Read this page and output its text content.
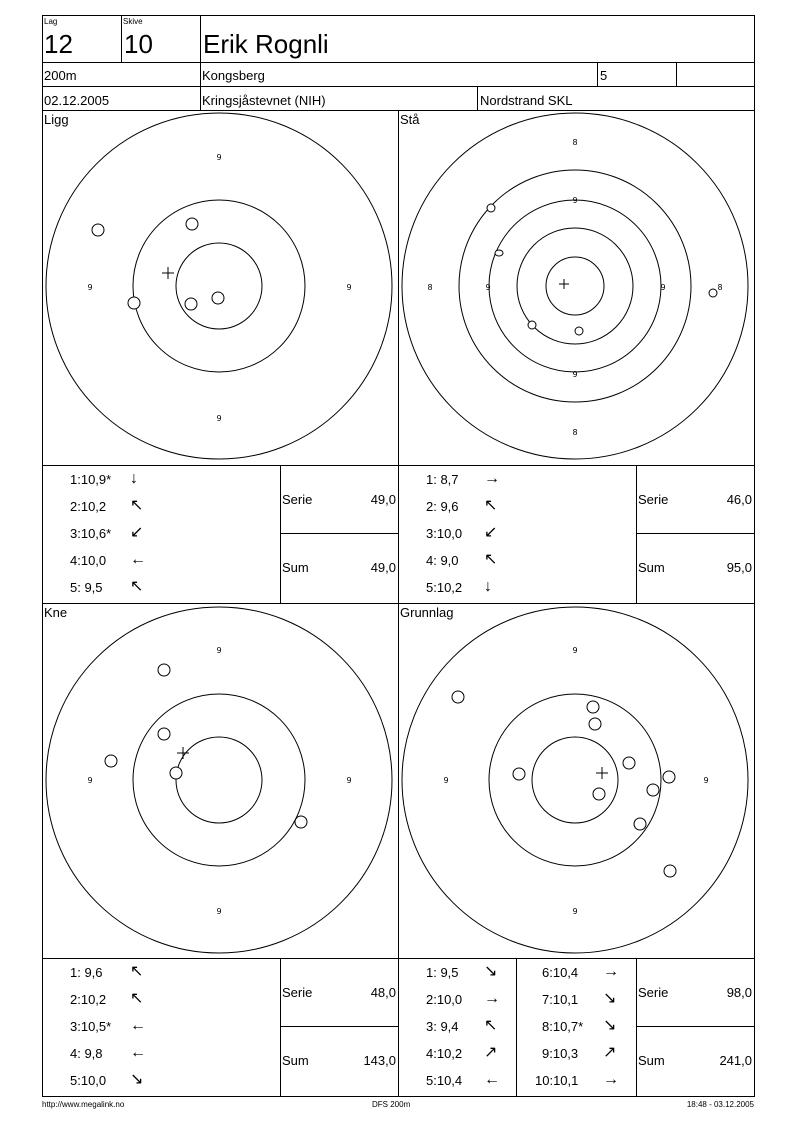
Lag
12
Skive
10 Erik Rognli
200m	Kongsberg	5
02.12.2005	Kringsjåstevnet (NIH)	Nordstrand SKL
Ligg
9
9	9
9
1:10,9* ↓
2:10,2 ↖
3:10,6* ↙
4:10,0 ←
5: 9,5 ↖
Serie	49,0
Sum	49,0
Stå
8
9
8	9	9	8
9
8
1: 8,7 →
2: 9,6 ↖
3:10,0 ↙
4: 9,0 ↖
5:10,2 ↓
Serie	46,0
Sum	95,0
Kne
9
9	9
9
1: 9,6 ↖
2:10,2 ↖
3:10,5* ←
4: 9,8 ←
5:10,0 ↘
Serie	48,0
Sum	143,0
Grunnlag
9
9	9
9
1: 9,5 ↘
2:10,0 →
3: 9,4 ↖
4:10,2 ↗
5:10,4 ←
6:10,4 →
7:10,1 ↘
8:10,7* ↘
9:10,3 ↗
10:10,1 →
Serie	98,0
Sum	241,0
http://www.megalink.no	DFS 200m	18:48 - 03.12.2005
